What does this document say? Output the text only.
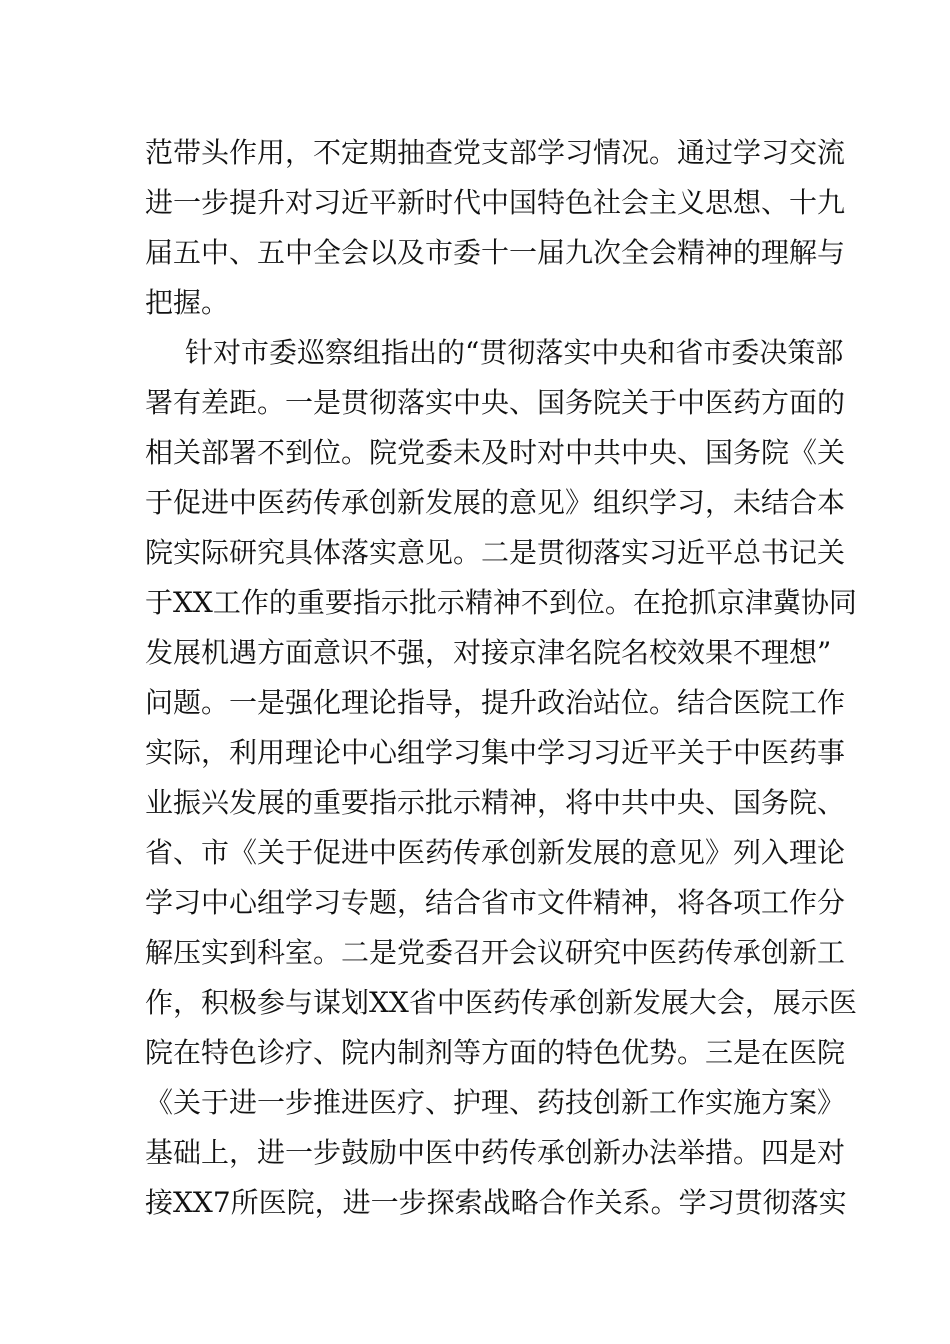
范带头作用，不定期抽查党支部学习情况。通过学习交流
进一步提升对习近平新时代中国特色社会主义思想、十九
届五中、五中全会以及市委十一届九次全会精神的理解与
把握。
针对市委巡察组指出的“贯彻落实中央和省市委决策部
署有差距。一是贯彻落实中央、国务院关于中医药方面的
相关部署不到位。院党委未及时对中共中央、国务院《关
于促进中医药传承创新发展的意见》组织学习，未结合本
院实际研究具体落实意见。二是贯彻落实习近平总书记关
于XX工作的重要指示批示精神不到位。在抢抓京津冀协同
发展机遇方面意识不强，对接京津名院名校效果不理想”
问题。一是强化理论指导，提升政治站位。结合医院工作
实际，利用理论中心组学习集中学习习近平关于中医药事
业振兴发展的重要指示批示精神，将中共中央、国务院、
省、市《关于促进中医药传承创新发展的意见》列入理论
学习中心组学习专题，结合省市文件精神，将各项工作分
解压实到科室。二是党委召开会议研究中医药传承创新工
作，积极参与谋划XX省中医药传承创新发展大会，展示医
院在特色诊疗、院内制剂等方面的特色优势。三是在医院
《关于进一步推进医疗、护理、药技创新工作实施方案》
基础上，进一步鼓励中医中药传承创新办法举措。四是对
接XX7所医院，进一步探索战略合作关系。学习贯彻落实
